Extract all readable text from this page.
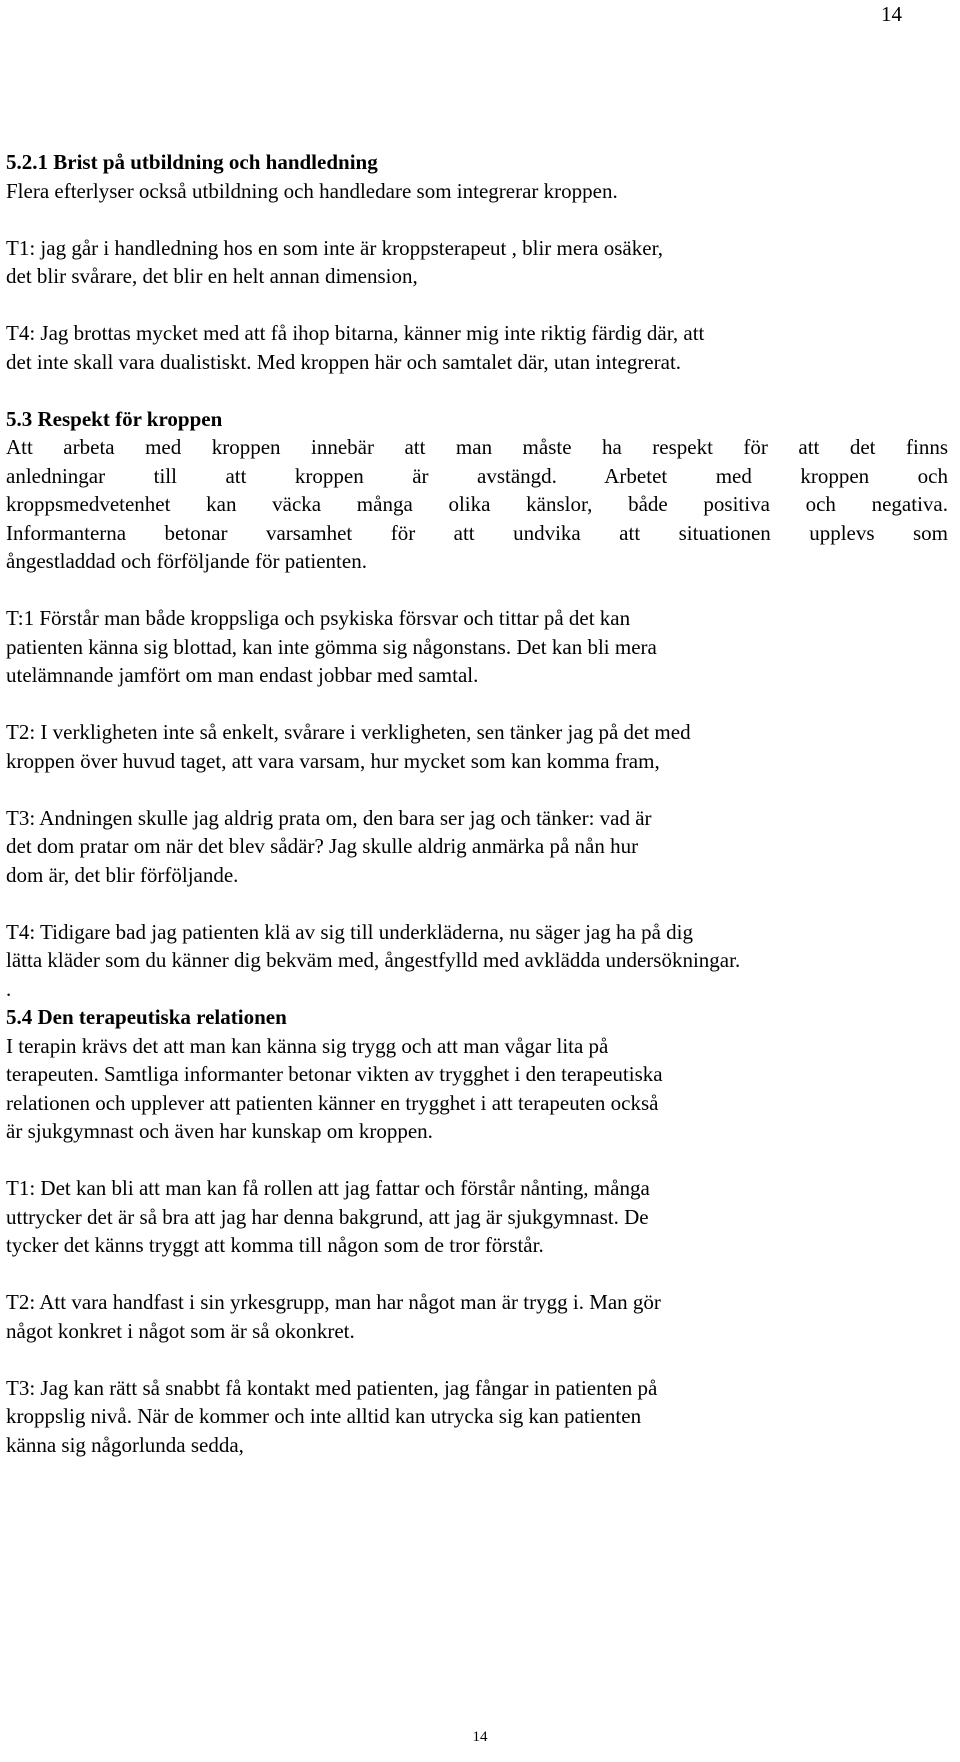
14
5.2.1 Brist på utbildning och handledning
Flera efterlyser också utbildning och handledare som integrerar kroppen.
T1: jag går i handledning hos en som inte är kroppsterapeut , blir mera osäker,
det blir svårare, det blir en helt annan dimension,
T4: Jag brottas mycket med att få ihop bitarna, känner mig inte riktig färdig där, att
det inte skall vara dualistiskt. Med kroppen här och samtalet där, utan integrerat.
5.3 Respekt för kroppen
Att arbeta med kroppen innebär att man måste ha respekt för att det finns
anledningar till att kroppen är avstängd. Arbetet med kroppen och
kroppsmedvetenhet kan väcka många olika känslor, både positiva och negativa.
Informanterna betonar varsamhet för att undvika att situationen upplevs som
ångestladdad och förföljande för patienten.
T:1 Förstår man både kroppsliga och psykiska försvar och tittar på det kan
patienten känna sig blottad, kan inte gömma sig någonstans. Det kan bli mera
utelämnande jamfört om man endast jobbar med samtal.
T2: I verkligheten inte så enkelt, svårare i verkligheten, sen tänker jag på det med
kroppen över huvud taget, att vara varsam, hur mycket som kan komma fram,
T3: Andningen skulle jag aldrig prata om, den bara ser jag och tänker: vad är
det dom pratar om när det blev sådär? Jag skulle aldrig anmärka på nån hur
dom är, det blir förföljande.
T4: Tidigare bad jag patienten klä av sig till underkläderna, nu säger jag ha på dig
lätta kläder som du känner dig bekväm med, ångestfylld med avklädda undersökningar.
.
5.4 Den terapeutiska relationen
I terapin krävs det att man kan känna sig trygg och att man vågar lita på
terapeuten. Samtliga informanter betonar vikten av trygghet i den terapeutiska
relationen och upplever att patienten känner en trygghet i att terapeuten också
är sjukgymnast och även har kunskap om kroppen.
T1: Det kan bli att man kan få rollen att jag fattar och förstår nånting, många
uttrycker det är så bra att jag har denna bakgrund, att jag är sjukgymnast. De
tycker det känns tryggt att komma till någon som de tror förstår.
T2: Att vara handfast i sin yrkesgrupp, man har något man är trygg i. Man gör
något konkret i något som är så okonkret.
T3: Jag kan rätt så snabbt få kontakt med patienten, jag fångar in patienten på
kroppslig nivå. När de kommer och inte alltid kan utrycka sig kan patienten
känna sig någorlunda sedda,
14
